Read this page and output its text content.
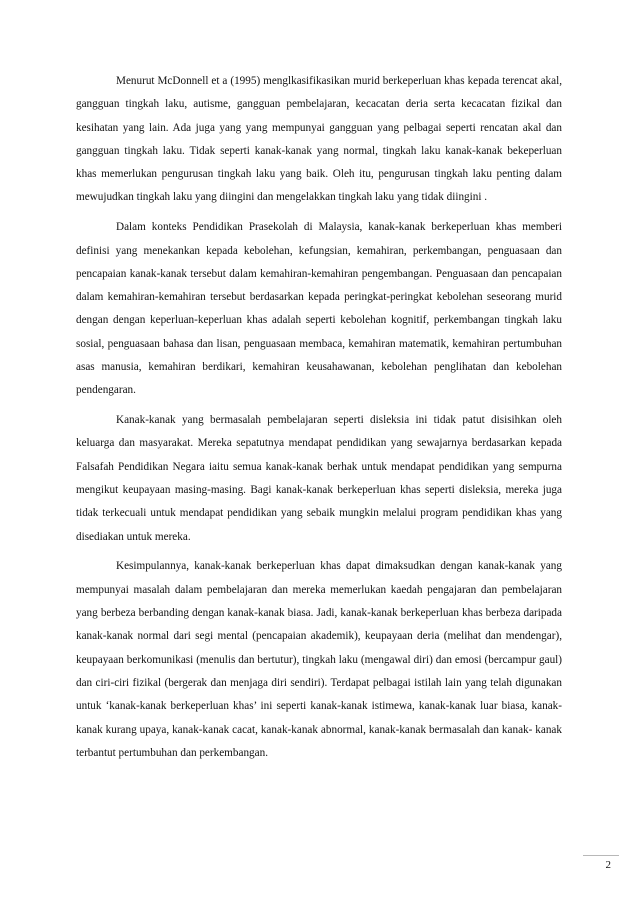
Menurut McDonnell et a (1995) menglkasifikasikan murid berkeperluan khas kepada terencat akal, gangguan tingkah laku, autisme, gangguan pembelajaran, kecacatan deria serta kecacatan fizikal dan kesihatan yang lain. Ada juga yang yang mempunyai gangguan yang pelbagai seperti rencatan akal dan gangguan tingkah laku. Tidak seperti kanak-kanak yang normal, tingkah laku kanak-kanak bekeperluan khas memerlukan pengurusan tingkah laku yang baik. Oleh itu, pengurusan tingkah laku penting dalam mewujudkan tingkah laku yang diingini dan mengelakkan tingkah laku yang tidak diingini .

Dalam konteks Pendidikan Prasekolah di Malaysia, kanak-kanak berkeperluan khas memberi definisi yang menekankan kepada kebolehan, kefungsian, kemahiran, perkembangan, penguasaan dan pencapaian kanak-kanak tersebut dalam kemahiran-kemahiran pengembangan. Penguasaan dan pencapaian dalam kemahiran-kemahiran tersebut berdasarkan kepada peringkat-peringkat kebolehan seseorang murid dengan dengan keperluan-keperluan khas adalah seperti kebolehan kognitif, perkembangan tingkah laku sosial, penguasaan bahasa dan lisan, penguasaan membaca, kemahiran matematik, kemahiran pertumbuhan asas manusia, kemahiran berdikari, kemahiran keusahawanan, kebolehan penglihatan dan kebolehan pendengaran.

Kanak-kanak yang bermasalah pembelajaran seperti disleksia ini tidak patut disisihkan oleh keluarga dan masyarakat. Mereka sepatutnya mendapat pendidikan yang sewajarnya berdasarkan kepada Falsafah Pendidikan Negara iaitu semua kanak-kanak berhak untuk mendapat pendidikan yang sempurna mengikut keupayaan masing-masing. Bagi kanak-kanak berkeperluan khas seperti disleksia, mereka juga tidak terkecuali untuk mendapat pendidikan yang sebaik mungkin melalui program pendidikan khas yang disediakan untuk mereka.

Kesimpulannya, kanak-kanak berkeperluan khas dapat dimaksudkan dengan kanak-kanak yang mempunyai masalah dalam pembelajaran dan mereka memerlukan kaedah pengajaran dan pembelajaran yang berbeza berbanding dengan kanak-kanak biasa. Jadi, kanak-kanak berkeperluan khas berbeza daripada kanak-kanak normal dari segi mental (pencapaian akademik), keupayaan deria (melihat dan mendengar), keupayaan berkomunikasi (menulis dan bertutur), tingkah laku (mengawal diri) dan emosi (bercampur gaul) dan ciri-ciri fizikal (bergerak dan menjaga diri sendiri). Terdapat pelbagai istilah lain yang telah digunakan untuk ‘kanak-kanak berkeperluan khas’ ini seperti kanak-kanak istimewa, kanak-kanak luar biasa, kanak-kanak kurang upaya, kanak-kanak cacat, kanak-kanak abnormal, kanak-kanak bermasalah dan kanak- kanak terbantut pertumbuhan dan perkembangan.

2
